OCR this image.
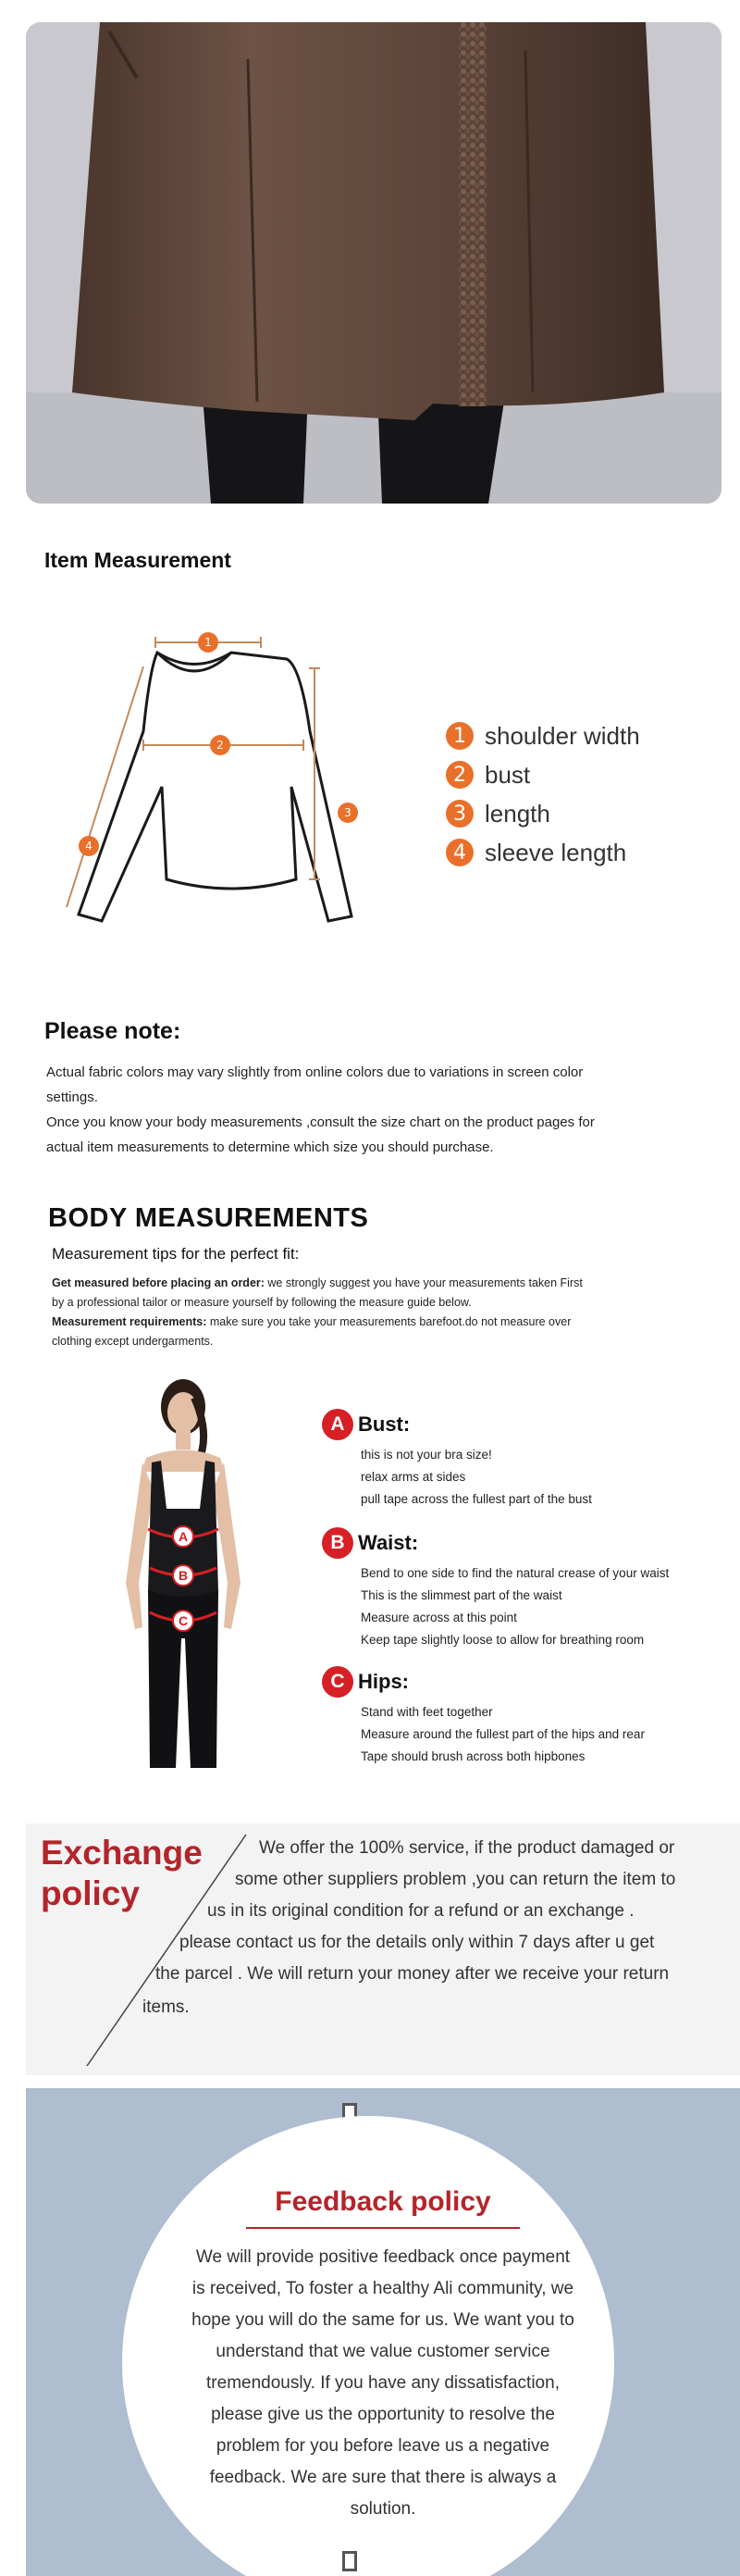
Item Measurement
1
2
3
4
1 shoulder width
2 bust
3 length
4 sleeve length
Please note:
Actual fabric colors may vary slightly from online colors due to variations in screen color
settings.
Once you know your body measurements ,consult the size chart on the product pages for
actual item measurements to determine which size you should purchase.
BODY MEASUREMENTS
Measurement tips for the perfect fit:
Get measured before placing an order: we strongly suggest you have your measurements taken First
by a professional tailor or measure yourself by following the measure guide below.
Measurement requirements: make sure you take your measurements barefoot.do not measure over
clothing except undergarments.
A
B
C
A Bust:
this is not your bra size!
relax arms at sides
pull tape across the fullest part of the bust
B Waist:
Bend to one side to find the natural crease of your waist
This is the slimmest part of the waist
Measure across at this point
Keep tape slightly loose to allow for breathing room
C Hips:
Stand with feet together
Measure around the fullest part of the hips and rear
Tape should brush across both hipbones
Exchange
policy
We offer the 100% service, if the product damaged or
some other suppliers problem ,you can return the item to
us in its original condition for a refund or an exchange .
please contact us for the details only within 7 days after u get
the parcel . We will return your money after we receive your return
items.
Feedback policy
We will provide positive feedback once payment
is received, To foster a healthy Ali community, we
hope you will do the same for us. We want you to
understand that we value customer service
tremendously. If you have any dissatisfaction,
please give us the opportunity to resolve the
problem for you before leave us a negative
feedback. We are sure that there is always a
solution.
